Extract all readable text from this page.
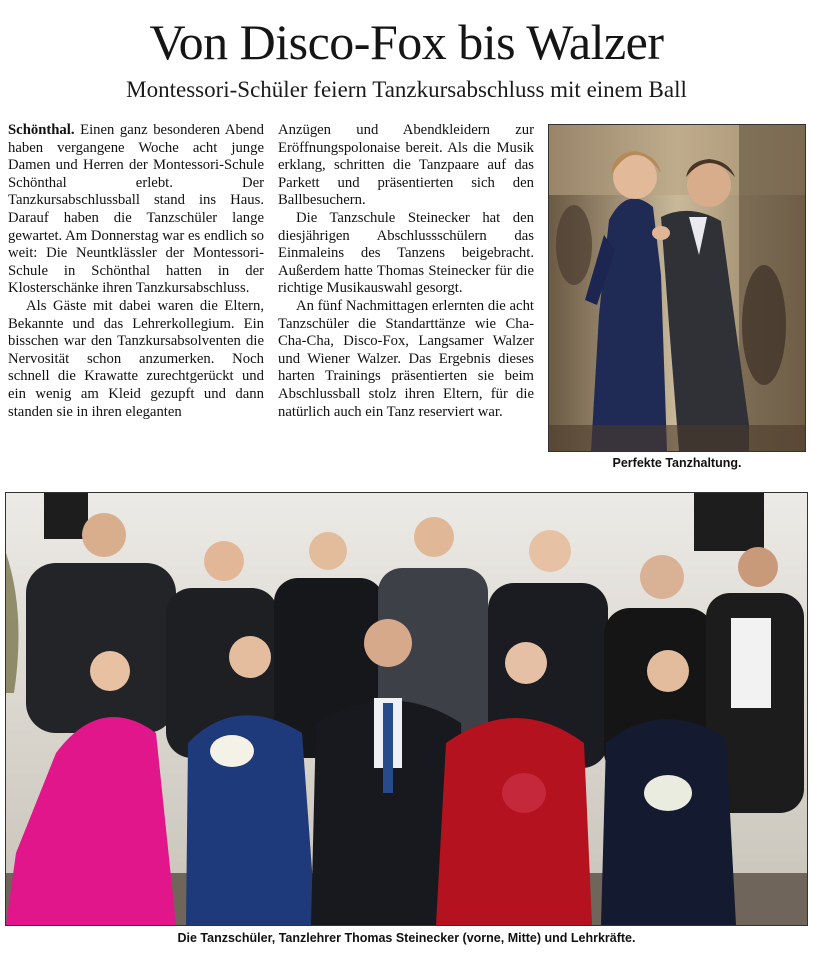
Von Disco-Fox bis Walzer
Montessori-Schüler feiern Tanzkursabschluss mit einem Ball

Schönthal. Einen ganz besonderen Abend haben vergangene Woche acht junge Damen und Herren der Montessori-Schule Schönthal erlebt. Der Tanzkursabschlussball stand ins Haus. Darauf haben die Tanzschüler lange gewartet. Am Donnerstag war es endlich so weit: Die Neuntklässler der Montessori-Schule in Schönthal hatten in der Klosterschänke ihren Tanzkursabschluss.

Als Gäste mit dabei waren die Eltern, Bekannte und das Lehrerkollegium. Ein bisschen war den Tanzkursabsolventen die Nervosität schon anzumerken. Noch schnell die Krawatte zurechtgerückt und ein wenig am Kleid gezupft und dann standen sie in ihren eleganten

Anzügen und Abendkleidern zur Eröffnungspolonaise bereit. Als die Musik erklang, schritten die Tanzpaare auf das Parkett und präsentierten sich den Ballbesuchern.

Die Tanzschule Steinecker hat den diesjährigen Abschlussschülern das Einmaleins des Tanzens beigebracht. Außerdem hatte Thomas Steinecker für die richtige Musikauswahl gesorgt.

An fünf Nachmittagen erlernten die acht Tanzschüler die Standarttänze wie Cha-Cha-Cha, Disco-Fox, Langsamer Walzer und Wiener Walzer. Das Ergebnis dieses harten Trainings präsentierten sie beim Abschlussball stolz ihren Eltern, für die natürlich auch ein Tanz reserviert war.

Perfekte Tanzhaltung.
Die Tanzschüler, Tanzlehrer Thomas Steinecker (vorne, Mitte) und Lehrkräfte.
